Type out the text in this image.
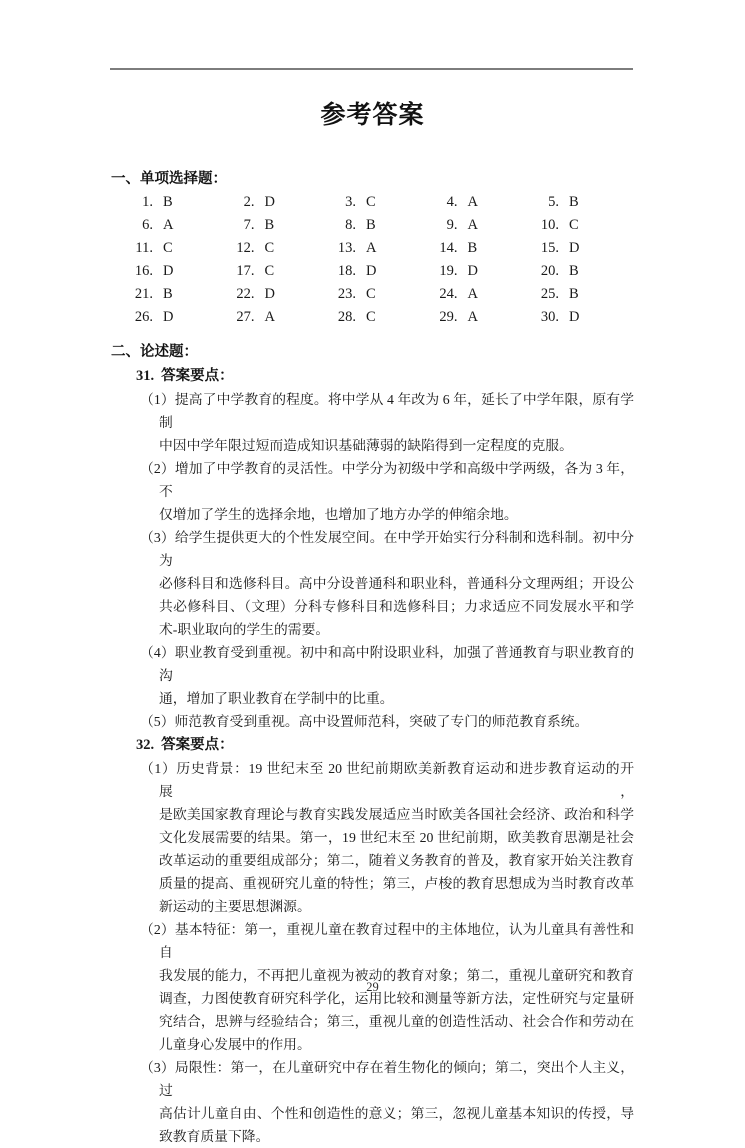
参考答案
一、单项选择题：
1. B	2. D	3. C	4. A	5. B
6. A	7. B	8. B	9. A	10. C
11. C	12. C	13. A	14. B	15. D
16. D	17. C	18. D	19. D	20. B
21. B	22. D	23. C	24. A	25. B
26. D	27. A	28. C	29. A	30. D
二、论述题：
31. 答案要点：
（1）提高了中学教育的程度。将中学从 4 年改为 6 年，延长了中学年限，原有学制
中因中学年限过短而造成知识基础薄弱的缺陷得到一定程度的克服。
（2）增加了中学教育的灵活性。中学分为初级中学和高级中学两级，各为 3 年，不
仅增加了学生的选择余地，也增加了地方办学的伸缩余地。
（3）给学生提供更大的个性发展空间。在中学开始实行分科制和选科制。初中分为
必修科目和选修科目。高中分设普通科和职业科，普通科分文理两组；开设公
共必修科目、（文理）分科专修科目和选修科目；力求适应不同发展水平和学
术-职业取向的学生的需要。
（4）职业教育受到重视。初中和高中附设职业科，加强了普通教育与职业教育的沟
通，增加了职业教育在学制中的比重。
（5）师范教育受到重视。高中设置师范科，突破了专门的师范教育系统。
32. 答案要点：
（1）历史背景：19 世纪末至 20 世纪前期欧美新教育运动和进步教育运动的开展，
是欧美国家教育理论与教育实践发展适应当时欧美各国社会经济、政治和科学
文化发展需要的结果。第一，19 世纪末至 20 世纪前期，欧美教育思潮是社会
改革运动的重要组成部分；第二，随着义务教育的普及，教育家开始关注教育
质量的提高、重视研究儿童的特性；第三，卢梭的教育思想成为当时教育改革
新运动的主要思想渊源。
（2）基本特征：第一，重视儿童在教育过程中的主体地位，认为儿童具有善性和自
我发展的能力，不再把儿童视为被动的教育对象；第二，重视儿童研究和教育
调查，力图使教育研究科学化，运用比较和测量等新方法，定性研究与定量研
究结合，思辨与经验结合；第三，重视儿童的创造性活动、社会合作和劳动在
儿童身心发展中的作用。
（3）局限性：第一，在儿童研究中存在着生物化的倾向；第二，突出个人主义，过
高估计儿童自由、个性和创造性的意义；第三，忽视儿童基本知识的传授，导
致教育质量下降。
29
